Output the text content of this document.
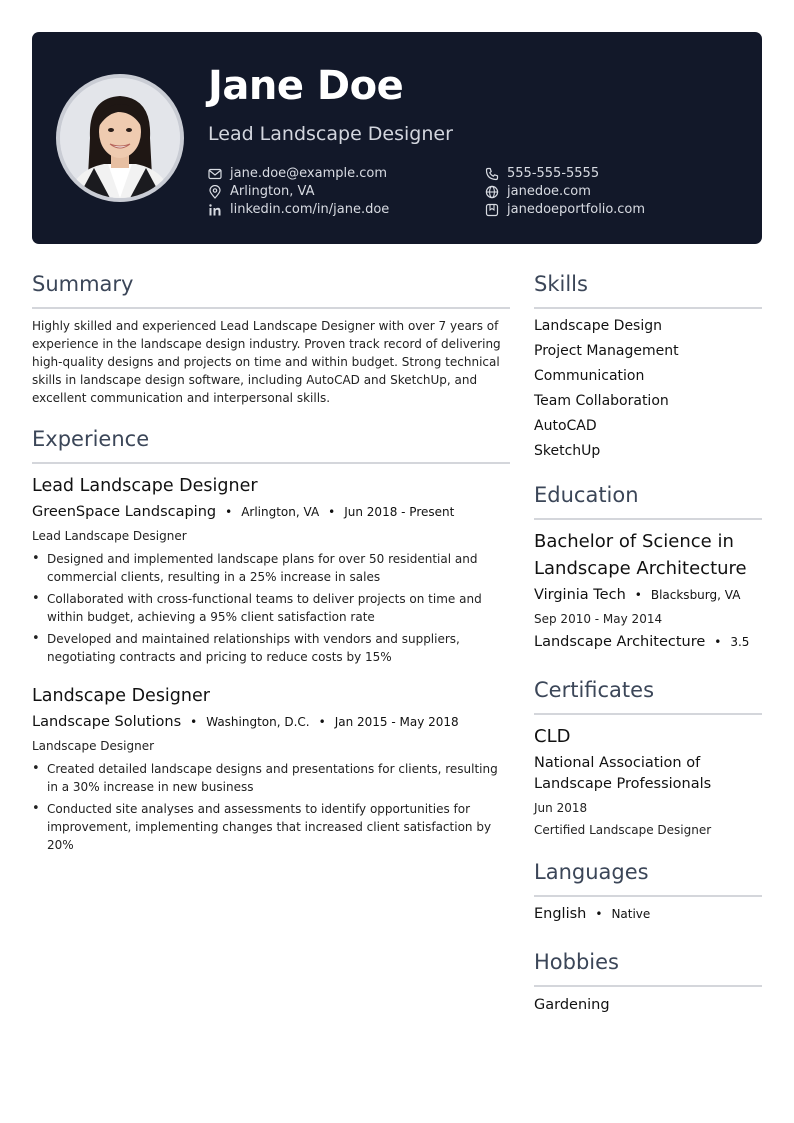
Jane Doe
Lead Landscape Designer
jane.doe@example.com
Arlington, VA
linkedin.com/in/jane.doe
555-555-5555
janedoe.com
janedoeportfolio.com
Summary
Highly skilled and experienced Lead Landscape Designer with over 7 years of experience in the landscape design industry. Proven track record of delivering high-quality designs and projects on time and within budget. Strong technical skills in landscape design software, including AutoCAD and SketchUp, and excellent communication and interpersonal skills.
Experience
Lead Landscape Designer
GreenSpace Landscaping • Arlington, VA • Jun 2018 - Present
Lead Landscape Designer
• Designed and implemented landscape plans for over 50 residential and commercial clients, resulting in a 25% increase in sales
• Collaborated with cross-functional teams to deliver projects on time and within budget, achieving a 95% client satisfaction rate
• Developed and maintained relationships with vendors and suppliers, negotiating contracts and pricing to reduce costs by 15%
Landscape Designer
Landscape Solutions • Washington, D.C. • Jan 2015 - May 2018
Landscape Designer
• Created detailed landscape designs and presentations for clients, resulting in a 30% increase in new business
• Conducted site analyses and assessments to identify opportunities for improvement, implementing changes that increased client satisfaction by 20%
Skills
Landscape Design
Project Management
Communication
Team Collaboration
AutoCAD
SketchUp
Education
Bachelor of Science in Landscape Architecture
Virginia Tech • Blacksburg, VA
Sep 2010 - May 2014
Landscape Architecture • 3.5
Certificates
CLD
National Association of Landscape Professionals
Jun 2018
Certified Landscape Designer
Languages
English • Native
Hobbies
Gardening
